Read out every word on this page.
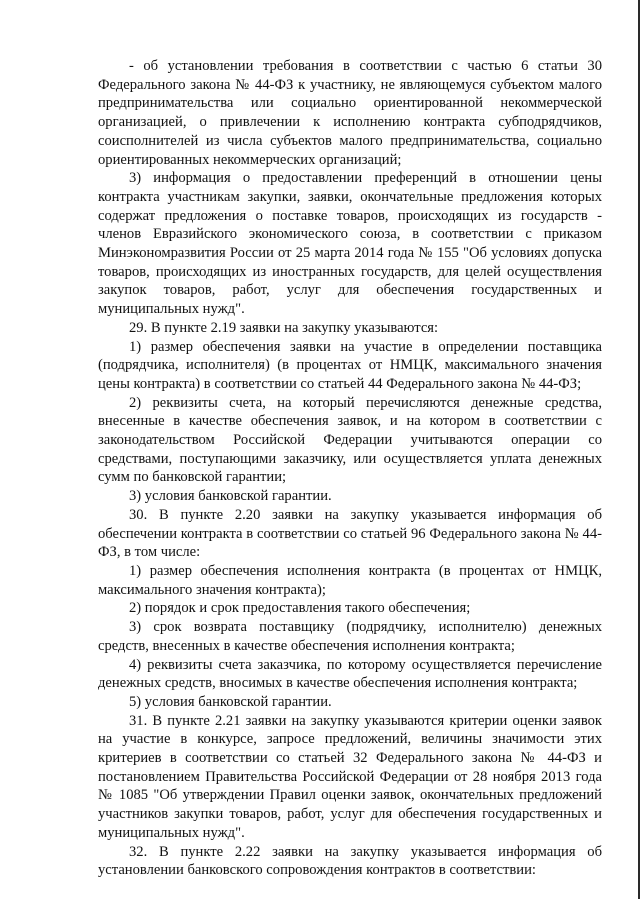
- об установлении требования в соответствии с частью 6 статьи 30 Федерального закона № 44-ФЗ к участнику, не являющемуся субъектом малого предпринимательства или социально ориентированной некоммерческой организацией, о привлечении к исполнению контракта субподрядчиков, соисполнителей из числа субъектов малого предпринимательства, социально ориентированных некоммерческих организаций;

3) информация о предоставлении преференций в отношении цены контракта участникам закупки, заявки, окончательные предложения которых содержат предложения о поставке товаров, происходящих из государств - членов Евразийского экономического союза, в соответствии с приказом Минэкономразвития России от 25 марта 2014 года № 155 "Об условиях допуска товаров, происходящих из иностранных государств, для целей осуществления закупок товаров, работ, услуг для обеспечения государственных и муниципальных нужд".

29. В пункте 2.19 заявки на закупку указываются:

1) размер обеспечения заявки на участие в определении поставщика (подрядчика, исполнителя) (в процентах от НМЦК, максимального значения цены контракта) в соответствии со статьей 44 Федерального закона № 44-ФЗ;

2) реквизиты счета, на который перечисляются денежные средства, внесенные в качестве обеспечения заявок, и на котором в соответствии с законодательством Российской Федерации учитываются операции со средствами, поступающими заказчику, или осуществляется уплата денежных сумм по банковской гарантии;

3) условия банковской гарантии.

30. В пункте 2.20 заявки на закупку указывается информация об обеспечении контракта в соответствии со статьей 96 Федерального закона № 44-ФЗ, в том числе:

1) размер обеспечения исполнения контракта (в процентах от НМЦК, максимального значения контракта);

2) порядок и срок предоставления такого обеспечения;

3) срок возврата поставщику (подрядчику, исполнителю) денежных средств, внесенных в качестве обеспечения исполнения контракта;

4) реквизиты счета заказчика, по которому осуществляется перечисление денежных средств, вносимых в качестве обеспечения исполнения контракта;

5) условия банковской гарантии.

31. В пункте 2.21 заявки на закупку указываются критерии оценки заявок на участие в конкурсе, запросе предложений, величины значимости этих критериев в соответствии со статьей 32 Федерального закона № 44-ФЗ и постановлением Правительства Российской Федерации от 28 ноября 2013 года № 1085 "Об утверждении Правил оценки заявок, окончательных предложений участников закупки товаров, работ, услуг для обеспечения государственных и муниципальных нужд".

32. В пункте 2.22 заявки на закупку указывается информация об установлении банковского сопровождения контрактов в соответствии:
